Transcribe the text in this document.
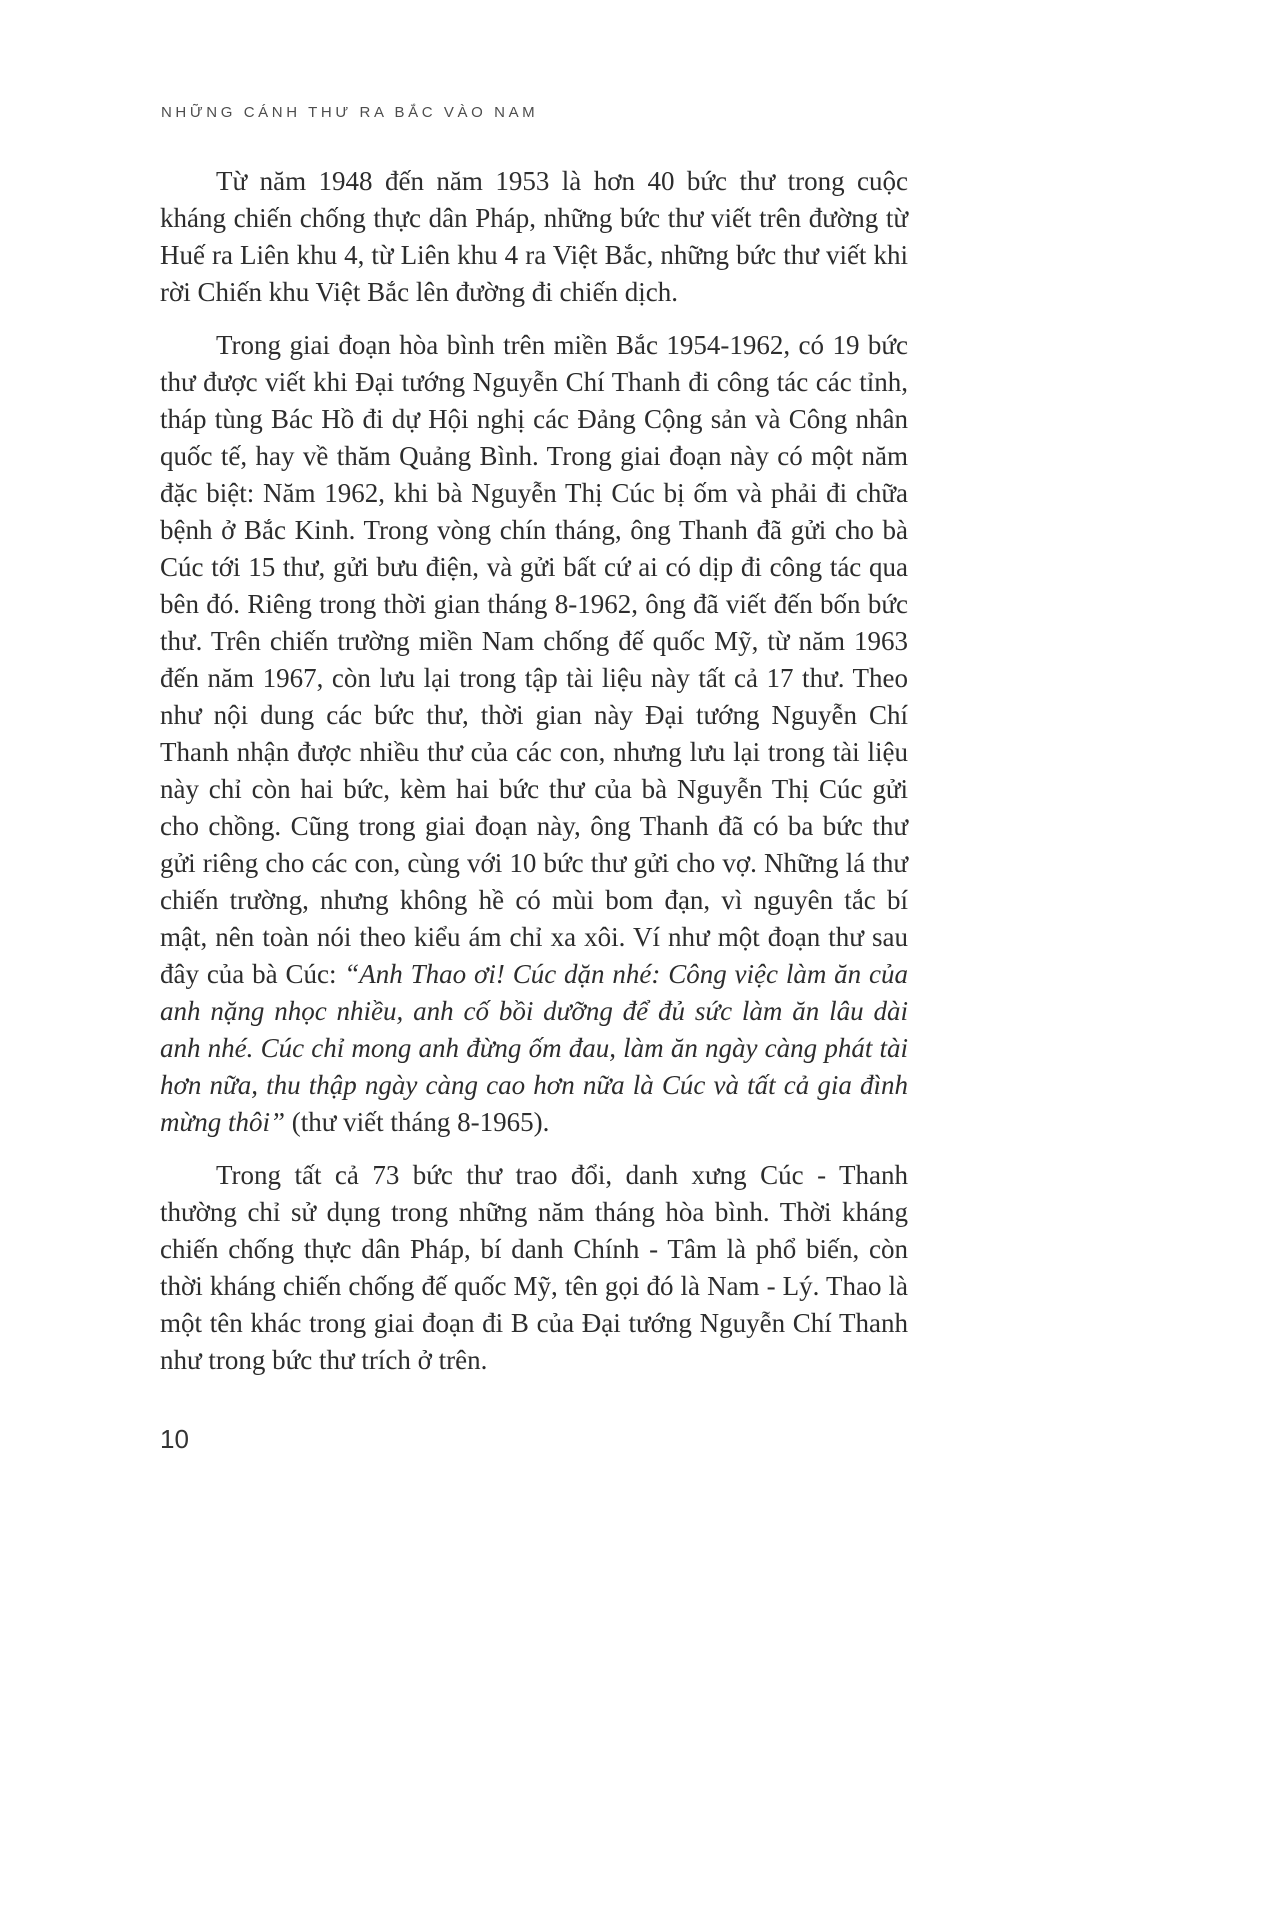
NHỮNG CÁNH THƯ RA BẮC VÀO NAM

Từ năm 1948 đến năm 1953 là hơn 40 bức thư trong cuộc kháng chiến chống thực dân Pháp, những bức thư viết trên đường từ Huế ra Liên khu 4, từ Liên khu 4 ra Việt Bắc, những bức thư viết khi rời Chiến khu Việt Bắc lên đường đi chiến dịch.

Trong giai đoạn hòa bình trên miền Bắc 1954-1962, có 19 bức thư được viết khi Đại tướng Nguyễn Chí Thanh đi công tác các tỉnh, tháp tùng Bác Hồ đi dự Hội nghị các Đảng Cộng sản và Công nhân quốc tế, hay về thăm Quảng Bình. Trong giai đoạn này có một năm đặc biệt: Năm 1962, khi bà Nguyễn Thị Cúc bị ốm và phải đi chữa bệnh ở Bắc Kinh. Trong vòng chín tháng, ông Thanh đã gửi cho bà Cúc tới 15 thư, gửi bưu điện, và gửi bất cứ ai có dịp đi công tác qua bên đó. Riêng trong thời gian tháng 8-1962, ông đã viết đến bốn bức thư. Trên chiến trường miền Nam chống đế quốc Mỹ, từ năm 1963 đến năm 1967, còn lưu lại trong tập tài liệu này tất cả 17 thư. Theo như nội dung các bức thư, thời gian này Đại tướng Nguyễn Chí Thanh nhận được nhiều thư của các con, nhưng lưu lại trong tài liệu này chỉ còn hai bức, kèm hai bức thư của bà Nguyễn Thị Cúc gửi cho chồng. Cũng trong giai đoạn này, ông Thanh đã có ba bức thư gửi riêng cho các con, cùng với 10 bức thư gửi cho vợ. Những lá thư chiến trường, nhưng không hề có mùi bom đạn, vì nguyên tắc bí mật, nên toàn nói theo kiểu ám chỉ xa xôi. Ví như một đoạn thư sau đây của bà Cúc: “Anh Thao ơi! Cúc dặn nhé: Công việc làm ăn của anh nặng nhọc nhiều, anh cố bồi dưỡng để đủ sức làm ăn lâu dài anh nhé. Cúc chỉ mong anh đừng ốm đau, làm ăn ngày càng phát tài hơn nữa, thu thập ngày càng cao hơn nữa là Cúc và tất cả gia đình mừng thôi” (thư viết tháng 8-1965).

Trong tất cả 73 bức thư trao đổi, danh xưng Cúc - Thanh thường chỉ sử dụng trong những năm tháng hòa bình. Thời kháng chiến chống thực dân Pháp, bí danh Chính - Tâm là phổ biến, còn thời kháng chiến chống đế quốc Mỹ, tên gọi đó là Nam - Lý. Thao là một tên khác trong giai đoạn đi B của Đại tướng Nguyễn Chí Thanh như trong bức thư trích ở trên.

10
